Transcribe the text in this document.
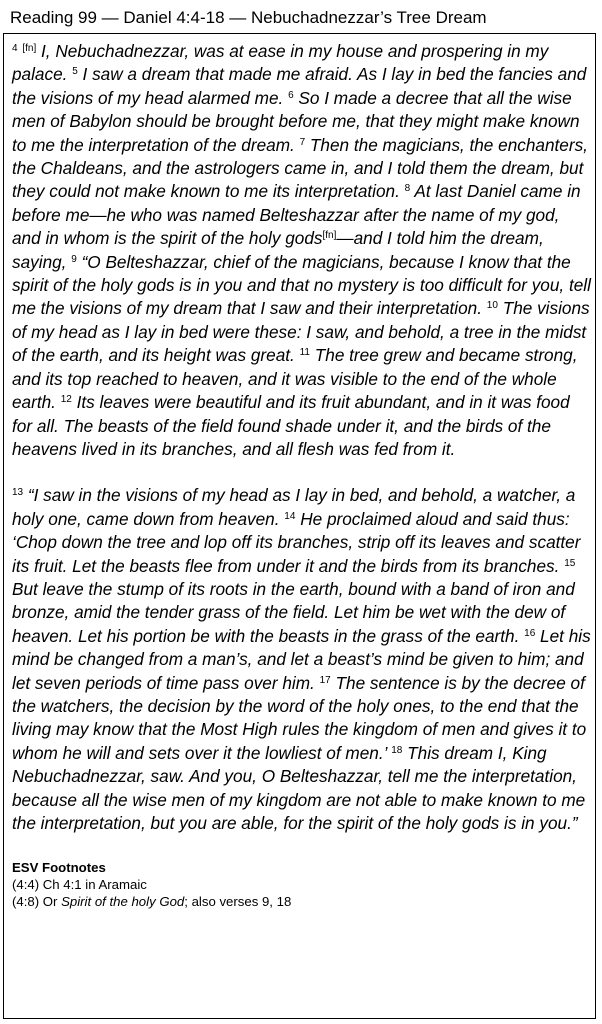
Reading 99 — Daniel 4:4-18 — Nebuchadnezzar’s Tree Dream

$^4$ [fn] I, Nebuchadnezzar, was at ease in my house and prospering in my palace. $^5$ I saw a dream that made me afraid. As I lay in bed the fancies and the visions of my head alarmed me. $^6$ So I made a decree that all the wise men of Babylon should be brought before me, that they might make known to me the interpretation of the dream. $^7$ Then the magicians, the enchanters, the Chaldeans, and the astrologers came in, and I told them the dream, but they could not make known to me its interpretation. $^8$ At last Daniel came in before me—he who was named Belteshazzar after the name of my god, and in whom is the spirit of the holy gods[fn]—and I told him the dream, saying, $^9$ “O Belteshazzar, chief of the magicians, because I know that the spirit of the holy gods is in you and that no mystery is too difficult for you, tell me the visions of my dream that I saw and their interpretation. $^{10}$ The visions of my head as I lay in bed were these: I saw, and behold, a tree in the midst of the earth, and its height was great. $^{11}$ The tree grew and became strong, and its top reached to heaven, and it was visible to the end of the whole earth. $^{12}$ Its leaves were beautiful and its fruit abundant, and in it was food for all. The beasts of the field found shade under it, and the birds of the heavens lived in its branches, and all flesh was fed from it.

$^{13}$ “I saw in the visions of my head as I lay in bed, and behold, a watcher, a holy one, came down from heaven. $^{14}$ He proclaimed aloud and said thus: ‘Chop down the tree and lop off its branches, strip off its leaves and scatter its fruit. Let the beasts flee from under it and the birds from its branches. $^{15}$ But leave the stump of its roots in the earth, bound with a band of iron and bronze, amid the tender grass of the field. Let him be wet with the dew of heaven. Let his portion be with the beasts in the grass of the earth. $^{16}$ Let his mind be changed from a man’s, and let a beast’s mind be given to him; and let seven periods of time pass over him. $^{17}$ The sentence is by the decree of the watchers, the decision by the word of the holy ones, to the end that the living may know that the Most High rules the kingdom of men and gives it to whom he will and sets over it the lowliest of men.’ $^{18}$ This dream I, King Nebuchadnezzar, saw. And you, O Belteshazzar, tell me the interpretation, because all the wise men of my kingdom are not able to make known to me the interpretation, but you are able, for the spirit of the holy gods is in you.”

ESV Footnotes
(4:4) Ch 4:1 in Aramaic
(4:8) Or Spirit of the holy God; also verses 9, 18
